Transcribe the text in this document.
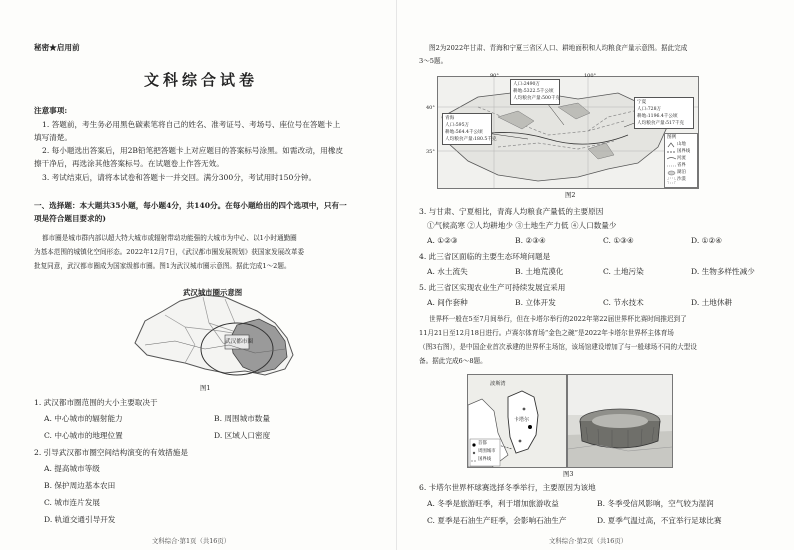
秘密★启用前
文科综合试卷
注意事项:
1. 答题前，考生务必用黑色碳素笔将自己的姓名、准考证号、考场号、座位号在答题卡上
填写清楚。
2. 每小题选出答案后，用2B铅笔把答题卡上对应题目的答案标号涂黑。如需改动，用橡皮
擦干净后，再选涂其他答案标号。在试题卷上作答无效。
3. 考试结束后，请将本试卷和答题卡一并交回。满分300分，考试用时150分钟。
一、选择题：本大题共35小题，每小题4分，共140分。在每小题给出的四个选项中，只有一
项是符合题目要求的)
都市圈是城市群内部以超大特大城市或辐射带动功能强的大城市为中心、以1小时通勤圈
为基本范围的城镇化空间形态。2022年12月7日，《武汉都市圈发展规划》获国家发展改革委
批复同意，武汉都市圈成为国家级都市圈。图1为武汉城市圈示意图。据此完成1～2题。
武汉城市圈示意图
武汉都市圈
图1
1. 武汉都市圈范围的大小主要取决于
A. 中心城市的辐射能力	B. 周围城市数量
C. 中心城市的地理位置	D. 区域人口密度
2. 引导武汉都市圈空间结构演变的有效措施是
A. 提高城市等级
B. 保护周边基本农田
C. 城市连片发展
D. 轨道交通引导开发
文科综合·第1页（共16页）
图2为2022年甘肃、青海和宁夏三省区人口、耕地面积和人均粮食产量示意图。据此完成
3～5题。
90°	100°
40°
35°
人口:2490万
耕地:5322.5千公顷
人均粮食产量:500千克
青海
人口:595万
耕地:564.4千公顷
人均粮食产量:180.5千克
宁夏
人口:728万
耕地:1196.4千公顷
人均粮食产量:517千克
图例
山地
国界线
河流
省界
湖泊
沙漠
图2
3. 与甘肃、宁夏相比，青海人均粮食产量低的主要原因
①气候高寒 ②人均耕地少 ③土地生产力低 ④人口数量少
A. ①②③	B. ②③④	C. ①③④	D. ①②④
4. 此三省区面临的主要生态环境问题是
A. 水土流失	B. 土地荒漠化	C. 土地污染	D. 生物多样性减少
5. 此三省区实现农业生产可持续发展宜采用
A. 间作套种	B. 立体开发	C. 节水技术	D. 土地休耕
世界杯一般在5至7月间举行，但在卡塔尔举行的2022年第22届世界杯比赛时间推迟到了
11月21日至12月18日进行。卢赛尔体育场“金色之碗”是2022年卡塔尔世界杯主体育场
（图3右图），是中国企业首次承建的世界杯主场馆，该场馆建设增加了与一般球场不同的大型设
备。据此完成6～8题。
波斯湾
卡塔尔
首都
周围城市
国界线
图3
6. 卡塔尔世界杯球赛选择冬季举行，主要原因为该地
A. 冬季是旅游旺季，利于增加旅游收益	B. 冬季受信风影响，空气较为湿润
C. 夏季是石油生产旺季，会影响石油生产	D. 夏季气温过高，不宜举行足球比赛
文科综合·第2页（共16页）
